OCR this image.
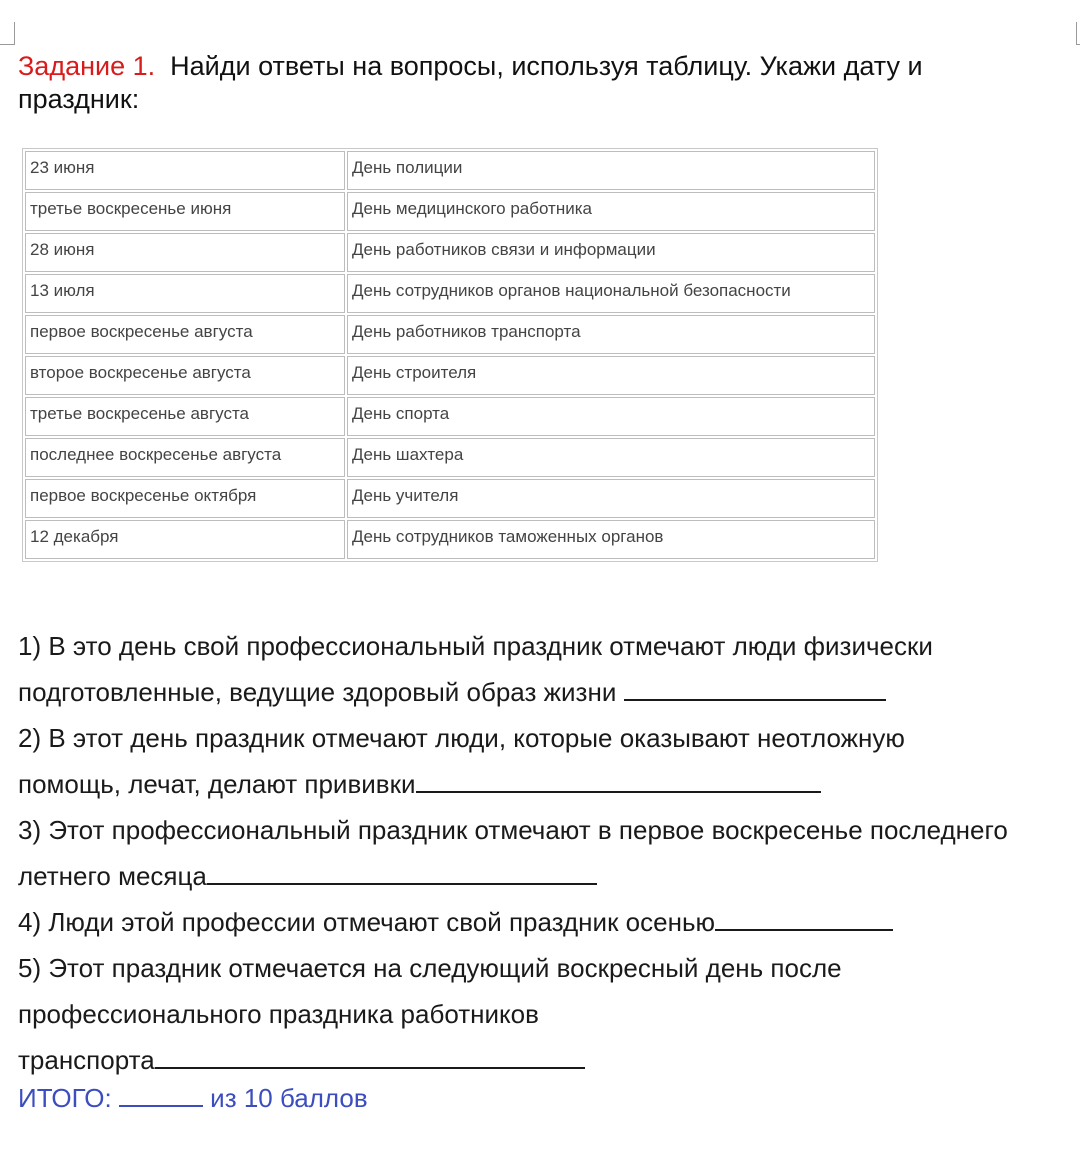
Задание 1. Найди ответы на вопросы, используя таблицу. Укажи дату и праздник:
23 июня	День полиции
третье воскресенье июня	День медицинского работника
28 июня	День работников связи и информации
13 июля	День сотрудников органов национальной безопасности
первое воскресенье августа	День работников транспорта
второе воскресенье августа	День строителя
третье воскресенье августа	День спорта
последнее воскресенье августа	День шахтера
первое воскресенье октября	День учителя
12 декабря	День сотрудников таможенных органов

1) В это день свой профессиональный праздник отмечают люди физически
подготовленные, ведущие здоровый образ жизни

2) В этот день праздник отмечают люди, которые оказывают неотложную
помощь, лечат, делают прививки

3) Этот профессиональный праздник отмечают в первое воскресенье последнего
летнего месяца

4) Люди этой профессии отмечают свой праздник осенью

5) Этот праздник отмечается на следующий воскресный день после
профессионального праздника работников
транспорта

ИТОГО:	из 10 баллов
